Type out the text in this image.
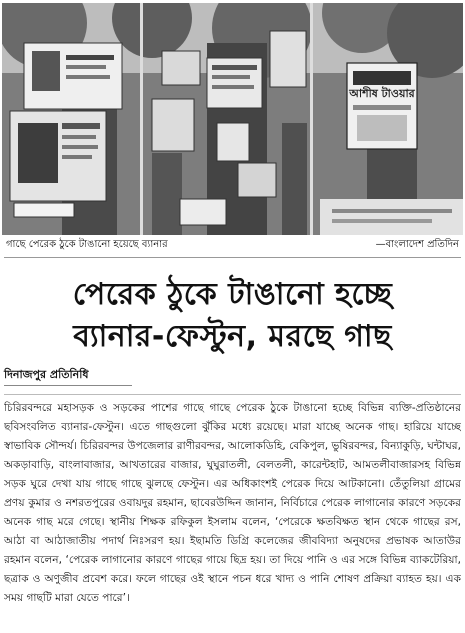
আশীষ টাওয়ার
গাছে পেরেক ঠুকে টাঙানো হয়েছে ব্যানার	—বাংলাদেশ প্রতিদিন
পেরেক ঠুকে টাঙানো হচ্ছে
ব্যানার-ফেস্টুন, মরছে গাছ
দিনাজপুর প্রতিনিধি
চিরিরবন্দরে মহাসড়ক ও সড়কের পাশের গাছে গাছে পেরেক ঠুকে টাঙানো হচ্ছে বিভিন্ন ব্যক্তি-প্রতিষ্ঠানের ছবিসংবলিত ব্যানার-ফেস্টুন। এতে গাছগুলো ঝুঁকির মধ্যে রয়েছে। মারা যাচ্ছে অনেক গাছ। হারিয়ে যাচ্ছে স্বাভাবিক সৌন্দর্য। চিরিরবন্দর উপজেলার রাণীরবন্দর, আলোকডিহি, বেকিপুল, ভুষিরবন্দর, বিন্যাকুড়ি, ঘন্টাঘর, অকড়াবাড়ি, বাংলাবাজার, আখতারের বাজার, ঘুঘুরাতলী, বেলতলী, কারেন্টহাট, আমতলীবাজারসহ বিভিন্ন সড়ক ঘুরে দেখা যায় গাছে গাছে ঝুলছে ফেস্টুন। এর অধিকাংশই পেরেক দিয়ে আটকানো। তেঁতুলিয়া গ্রামের প্রণয় কুমার ও নশরতপুরের ওবায়দুর রহমান, ছাবেরউদ্দিন জানান, নির্বিচারে পেরেক লাগানোর কারণে সড়কের অনেক গাছ মরে গেছে। স্থানীয় শিক্ষক রফিকুল ইসলাম বলেন, ‘পেরেকে ক্ষতবিক্ষত স্থান থেকে গাছের রস, আঠা বা আঠাজাতীয় পদার্থ নিঃসরণ হয়। ইছামতি ডিগ্রি কলেজের জীববিদ্যা অনুষদের প্রভাষক আতাউর রহমান বলেন, ‘পেরেক লাগানোর কারণে গাছের গায়ে ছিদ্র হয়। তা দিয়ে পানি ও এর সঙ্গে বিভিন্ন ব্যাকটেরিয়া, ছত্রাক ও অণুজীব প্রবেশ করে। ফলে গাছের ওই স্থানে পচন ধরে খাদ্য ও পানি শোষণ প্রক্রিয়া ব্যাহত হয়। এক সময় গাছটি মারা যেতে পারে’।
